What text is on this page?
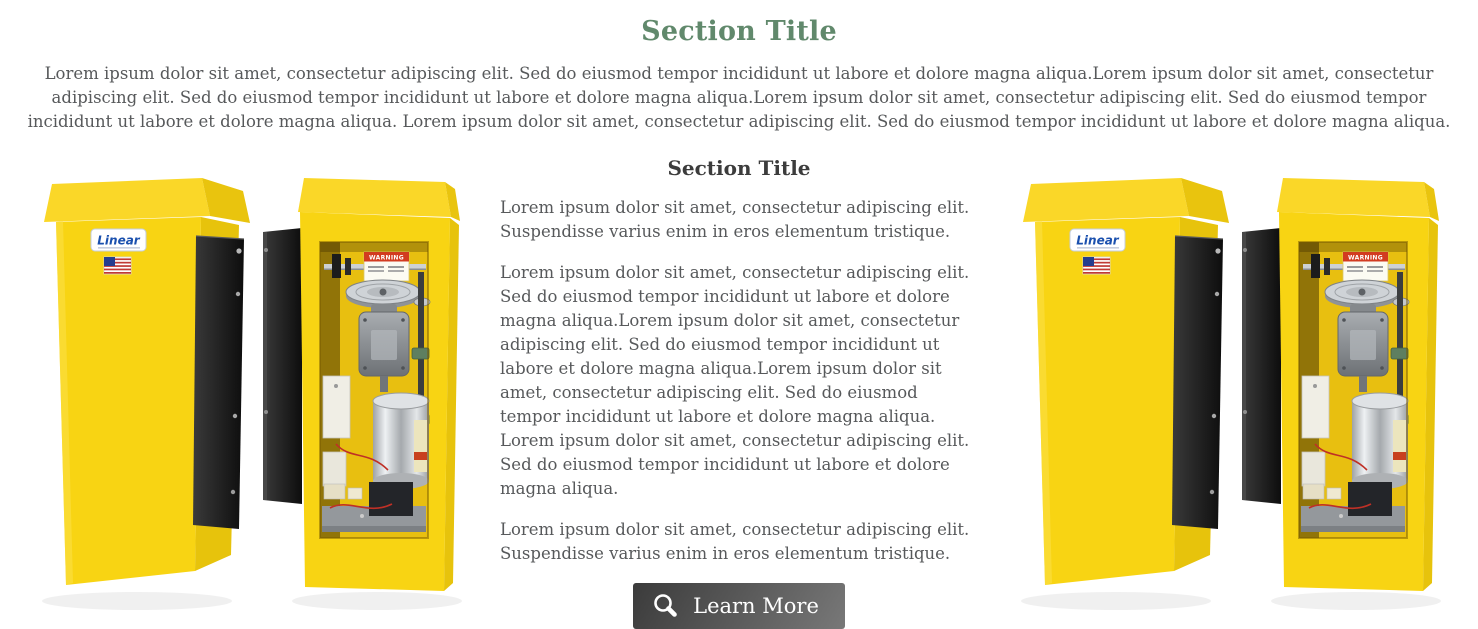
Section Title

Lorem ipsum dolor sit amet, consectetur adipiscing elit. Sed do eiusmod tempor incididunt ut labore et dolore magna aliqua.Lorem ipsum dolor sit amet, consectetur adipiscing elit. Sed do eiusmod tempor incididunt ut labore et dolore magna aliqua.Lorem ipsum dolor sit amet, consectetur adipiscing elit. Sed do eiusmod tempor incididunt ut labore et dolore magna aliqua. Lorem ipsum dolor sit amet, consectetur adipiscing elit. Sed do eiusmod tempor incididunt ut labore et dolore magna aliqua.

Linear
WARNING
Section Title

Lorem ipsum dolor sit amet, consectetur adipiscing elit. Suspendisse varius enim in eros elementum tristique.

Lorem ipsum dolor sit amet, consectetur adipiscing elit. Sed do eiusmod tempor incididunt ut labore et dolore magna aliqua.Lorem ipsum dolor sit amet, consectetur adipiscing elit. Sed do eiusmod tempor incididunt ut labore et dolore magna aliqua.Lorem ipsum dolor sit amet, consectetur adipiscing elit. Sed do eiusmod tempor incididunt ut labore et dolore magna aliqua. Lorem ipsum dolor sit amet, consectetur adipiscing elit. Sed do eiusmod tempor incididunt ut labore et dolore magna aliqua.

Lorem ipsum dolor sit amet, consectetur adipiscing elit. Suspendisse varius enim in eros elementum tristique.

Learn More
Linear
WARNING
